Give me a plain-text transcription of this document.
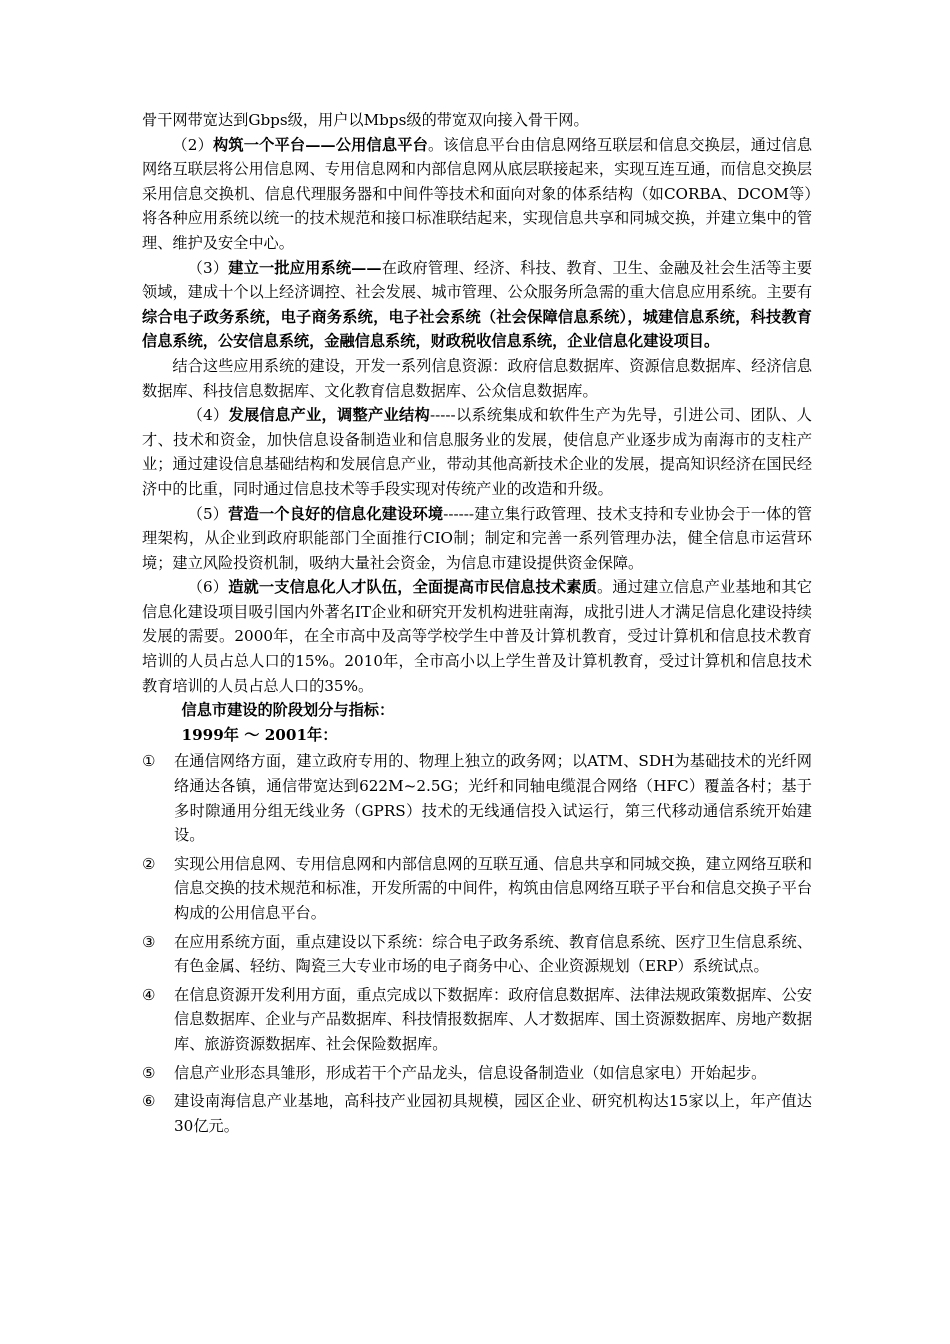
骨干网带宽达到Gbps级，用户以Mbps级的带宽双向接入骨干网。

（2）构筑一个平台——公用信息平台。该信息平台由信息网络互联层和信息交换层，通过信息网络互联层将公用信息网、专用信息网和内部信息网从底层联接起来，实现互连互通，而信息交换层采用信息交换机、信息代理服务器和中间件等技术和面向对象的体系结构（如CORBA、DCOM等）将各种应用系统以统一的技术规范和接口标准联结起来，实现信息共享和同城交换，并建立集中的管理、维护及安全中心。

（3）建立一批应用系统——在政府管理、经济、科技、教育、卫生、金融及社会生活等主要领域，建成十个以上经济调控、社会发展、城市管理、公众服务所急需的重大信息应用系统。主要有综合电子政务系统，电子商务系统，电子社会系统（社会保障信息系统），城建信息系统，科技教育信息系统，公安信息系统，金融信息系统，财政税收信息系统，企业信息化建设项目。

结合这些应用系统的建设，开发一系列信息资源：政府信息数据库、资源信息数据库、经济信息数据库、科技信息数据库、文化教育信息数据库、公众信息数据库。

（4）发展信息产业，调整产业结构-----以系统集成和软件生产为先导，引进公司、团队、人才、技术和资金，加快信息设备制造业和信息服务业的发展，使信息产业逐步成为南海市的支柱产业；通过建设信息基础结构和发展信息产业，带动其他高新技术企业的发展，提高知识经济在国民经济中的比重，同时通过信息技术等手段实现对传统产业的改造和升级。

（5）营造一个良好的信息化建设环境------建立集行政管理、技术支持和专业协会于一体的管理架构，从企业到政府职能部门全面推行CIO制；制定和完善一系列管理办法，健全信息市运营环境；建立风险投资机制，吸纳大量社会资金，为信息市建设提供资金保障。

（6）造就一支信息化人才队伍，全面提高市民信息技术素质。通过建立信息产业基地和其它信息化建设项目吸引国内外著名IT企业和研究开发机构进驻南海，成批引进人才满足信息化建设持续发展的需要。2000年，在全市高中及高等学校学生中普及计算机教育，受过计算机和信息技术教育培训的人员占总人口的15%。2010年，全市高小以上学生普及计算机教育，受过计算机和信息技术教育培训的人员占总人口的35%。

信息市建设的阶段划分与指标：

1999年 ～ 2001年：

①	在通信网络方面，建立政府专用的、物理上独立的政务网；以ATM、SDH为基础技术的光纤网络通达各镇，通信带宽达到622M~2.5G；光纤和同轴电缆混合网络（HFC）覆盖各村；基于多时隙通用分组无线业务（GPRS）技术的无线通信投入试运行，第三代移动通信系统开始建设。
②	实现公用信息网、专用信息网和内部信息网的互联互通、信息共享和同城交换，建立网络互联和信息交换的技术规范和标准，开发所需的中间件，构筑由信息网络互联子平台和信息交换子平台构成的公用信息平台。
③	在应用系统方面，重点建设以下系统：综合电子政务系统、教育信息系统、医疗卫生信息系统、有色金属、轻纺、陶瓷三大专业市场的电子商务中心、企业资源规划（ERP）系统试点。
④	在信息资源开发利用方面，重点完成以下数据库：政府信息数据库、法律法规政策数据库、公安信息数据库、企业与产品数据库、科技情报数据库、人才数据库、国土资源数据库、房地产数据库、旅游资源数据库、社会保险数据库。
⑤	信息产业形态具雏形，形成若干个产品龙头，信息设备制造业（如信息家电）开始起步。
⑥	建设南海信息产业基地，高科技产业园初具规模，园区企业、研究机构达15家以上，年产值达30亿元。
